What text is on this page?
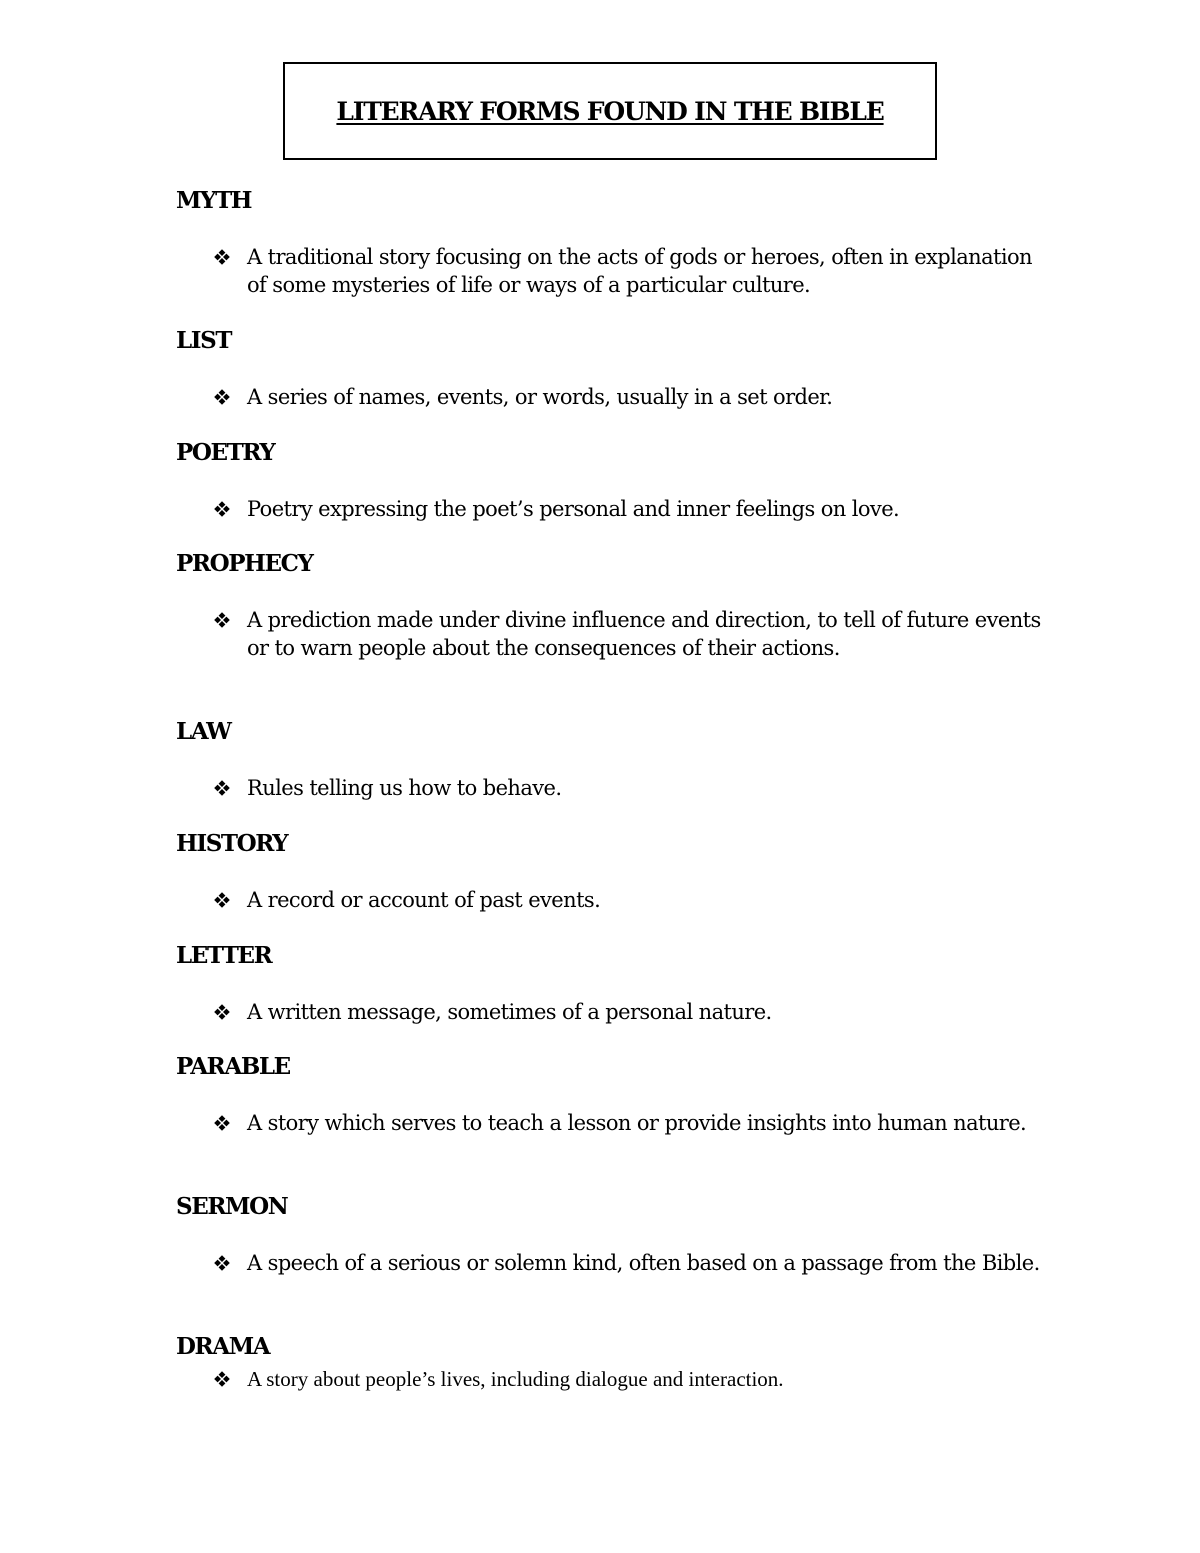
LITERARY FORMS FOUND IN THE BIBLE
MYTH
A traditional story focusing on the acts of gods or heroes, often in explanation of some mysteries of life or ways of a particular culture.
LIST
A series of names, events, or words, usually in a set order.
POETRY
Poetry expressing the poet’s personal and inner feelings on love.
PROPHECY
A prediction made under divine influence and direction, to tell of future events or to warn people about the consequences of their actions.
LAW
Rules telling us how to behave.
HISTORY
A record or account of past events.
LETTER
A written message, sometimes of a personal nature.
PARABLE
A story which serves to teach a lesson or provide insights into human nature.
SERMON
A speech of a serious or solemn kind, often based on a passage from the Bible.
DRAMA
A story about people’s lives, including dialogue and interaction.
